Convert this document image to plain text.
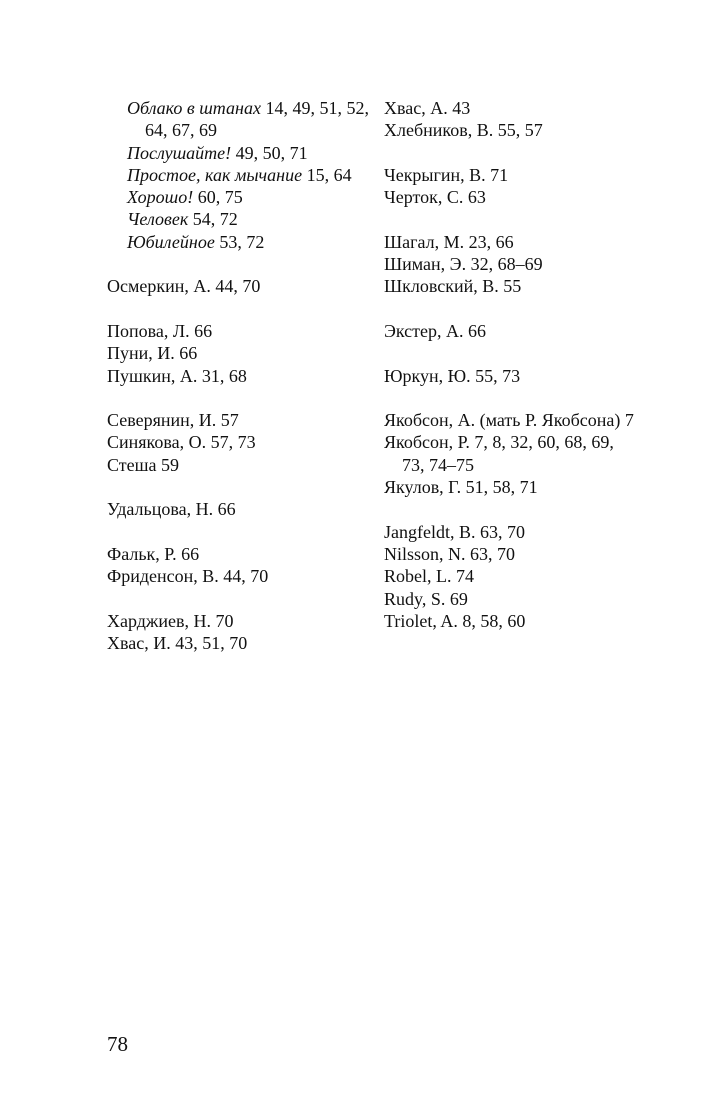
Облако в штанах 14, 49, 51, 52, 64, 67, 69

Послушайте! 49, 50, 71

Простое, как мычание 15, 64

Хорошо! 60, 75

Человек 54, 72

Юбилейное 53, 72

Осмеркин, А. 44, 70

Попова, Л. 66

Пуни, И. 66

Пушкин, А. 31, 68

Северянин, И. 57

Синякова, О. 57, 73

Стеша 59

Удальцова, Н. 66

Фальк, Р. 66

Фриденсон, В. 44, 70

Харджиев, Н. 70

Хвас, И. 43, 51, 70

Хвас, А. 43

Хлебников, В. 55, 57

Чекрыгин, В. 71

Черток, С. 63

Шагал, М. 23, 66

Шиман, Э. 32, 68–69

Шкловский, В. 55

Экстер, А. 66

Юркун, Ю. 55, 73

Якобсон, А. (мать Р. Якобсона) 7

Якобсон, Р. 7, 8, 32, 60, 68, 69, 73, 74–75

Якулов, Г. 51, 58, 71

Jangfeldt, B. 63, 70

Nilsson, N. 63, 70

Robel, L. 74

Rudy, S. 69

Triolet, A. 8, 58, 60

78
